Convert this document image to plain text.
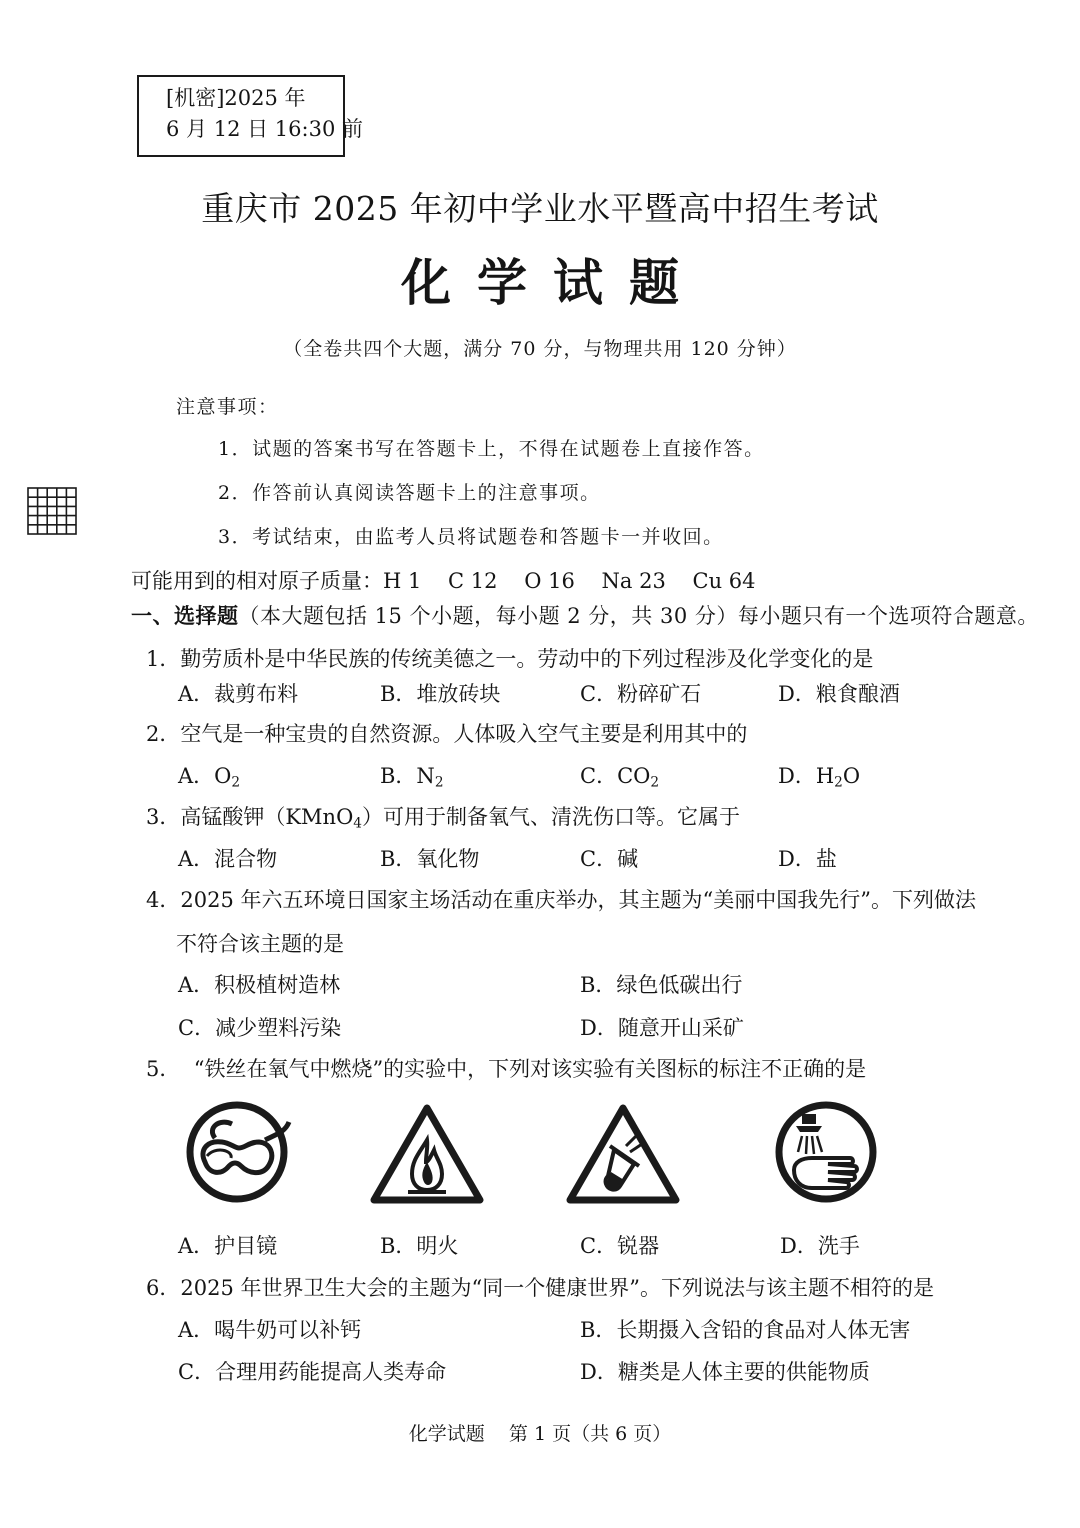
[机密]2025 年
6 月 12 日 16:30 前
重庆市 2025 年初中学业水平暨高中招生考试
化学试题
（全卷共四个大题，满分 70 分，与物理共用 120 分钟）
注意事项：
1．试题的答案书写在答题卡上，不得在试题卷上直接作答。
2．作答前认真阅读答题卡上的注意事项。
3．考试结束，由监考人员将试题卷和答题卡一并收回。
可能用到的相对原子质量：H 1    C 12    O 16    Na 23    Cu 64
一、选择题（本大题包括 15 个小题，每小题 2 分，共 30 分）每小题只有一个选项符合题意。
1．勤劳质朴是中华民族的传统美德之一。劳动中的下列过程涉及化学变化的是
A．裁剪布料	B．堆放砖块	C．粉碎矿石	D．粮食酿酒
2．空气是一种宝贵的自然资源。人体吸入空气主要是利用其中的
A．$O_2$	B．$N_2$	C．$CO_2$	D．$H_2O$
3．高锰酸钾（KMnO$_4$）可用于制备氧气、清洗伤口等。它属于
A．混合物	B．氧化物	C．碱	D．盐
4．2025 年六五环境日国家主场活动在重庆举办，其主题为“美丽中国我先行”。下列做法
不符合该主题的是
A．积极植树造林	B．绿色低碳出行
C．减少塑料污染	D．随意开山采矿
5．  “铁丝在氧气中燃烧”的实验中，下列对该实验有关图标的标注不正确的是
A．护目镜	B．明火	C．锐器	D．洗手
6．2025 年世界卫生大会的主题为“同一个健康世界”。下列说法与该主题不相符的是
A．喝牛奶可以补钙	B．长期摄入含铅的食品对人体无害
C．合理用药能提高人类寿命	D．糖类是人体主要的供能物质
化学试题    第 1 页（共 6 页）
